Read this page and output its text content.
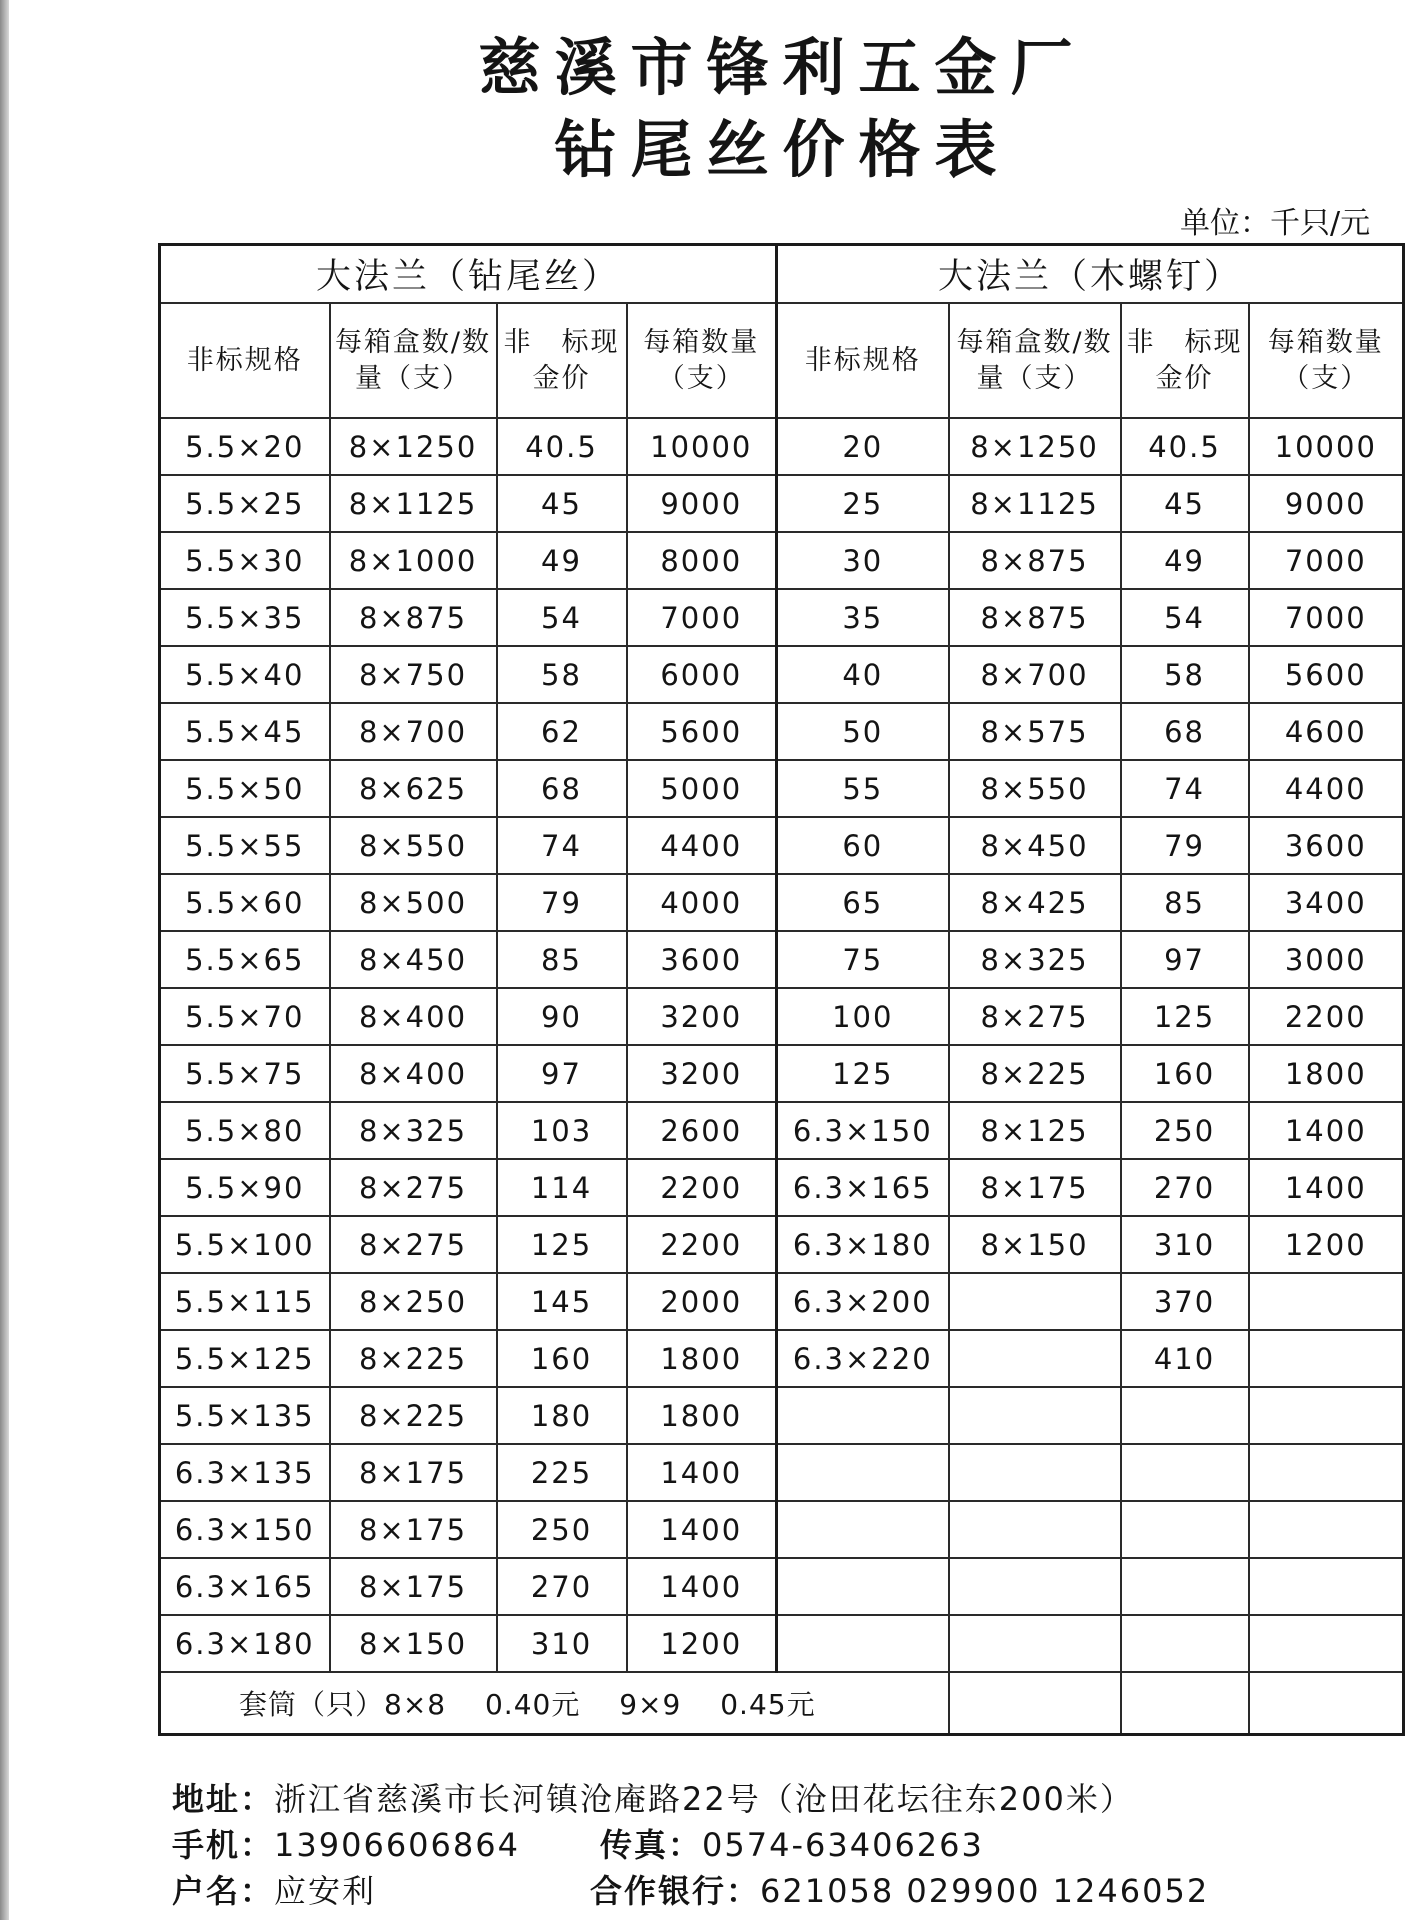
慈溪市锋利五金厂
钻尾丝价格表
单位：千只/元
大法兰（钻尾丝）				大法兰（木螺钉）			
非标规格	每箱盒数/数量（支）	非　标现金价	每箱数量（支）	非标规格	每箱盒数/数量（支）	非　标现金价	每箱数量（支）
5.5×20	8×1250	40.5	10000	20	8×1250	40.5	10000
5.5×25	8×1125	45	9000	25	8×1125	45	9000
5.5×30	8×1000	49	8000	30	8×875	49	7000
5.5×35	8×875	54	7000	35	8×875	54	7000
5.5×40	8×750	58	6000	40	8×700	58	5600
5.5×45	8×700	62	5600	50	8×575	68	4600
5.5×50	8×625	68	5000	55	8×550	74	4400
5.5×55	8×550	74	4400	60	8×450	79	3600
5.5×60	8×500	79	4000	65	8×425	85	3400
5.5×65	8×450	85	3600	75	8×325	97	3000
5.5×70	8×400	90	3200	100	8×275	125	2200
5.5×75	8×400	97	3200	125	8×225	160	1800
5.5×80	8×325	103	2600	6.3×150	8×125	250	1400
5.5×90	8×275	114	2200	6.3×165	8×175	270	1400
5.5×100	8×275	125	2200	6.3×180	8×150	310	1200
5.5×115	8×250	145	2000	6.3×200		370	
5.5×125	8×225	160	1800	6.3×220		410	
5.5×135	8×225	180	1800				
6.3×135	8×175	225	1400				
6.3×150	8×175	250	1400				
6.3×165	8×175	270	1400				
6.3×180	8×150	310	1200				
套筒（只）8×8　 0.40元　 9×9　 0.45元							
地址：浙江省慈溪市长河镇沧庵路22号（沧田花坛往东200米）
手机：13906606864	传真：0574-63406263
户名：应安利	合作银行：621058 029900 1246052
